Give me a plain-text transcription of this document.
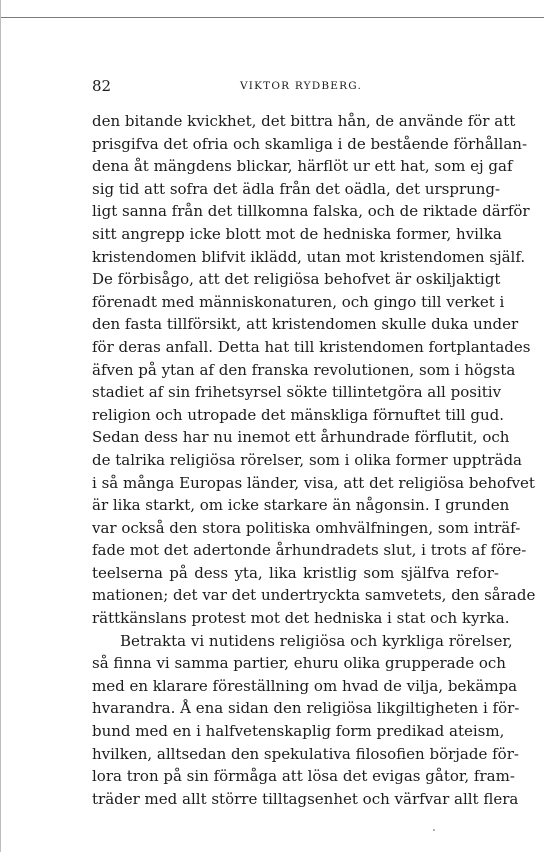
82	VIKTOR RYDBERG.
den bitande kvickhet, det bittra hån, de använde för att
prisgifva det ofria och skamliga i de bestående förhållan-
dena åt mängdens blickar, härflöt ur ett hat, som ej gaf
sig tid att sofra det ädla från det oädla, det ursprung-
ligt sanna från det tillkomna falska, och de riktade därför
sitt angrepp icke blott mot de hedniska former, hvilka
kristendomen blifvit iklädd, utan mot kristendomen själf.
De förbisågo, att det religiösa behofvet är oskiljaktigt
förenadt med människonaturen, och gingo till verket i
den fasta tillförsikt, att kristendomen skulle duka under
för deras anfall. Detta hat till kristendomen fortplantades
äfven på ytan af den franska revolutionen, som i högsta
stadiet af sin frihetsyrsel sökte tillintetgöra all positiv
religion och utropade det mänskliga förnuftet till gud.
Sedan dess har nu inemot ett århundrade förflutit, och
de talrika religiösa rörelser, som i olika former uppträda
i så många Europas länder, visa, att det religiösa behofvet
är lika starkt, om icke starkare än någonsin. I grunden
var också den stora politiska omhvälfningen, som inträf-
fade mot det adertonde århundradets slut, i trots af före-
teelserna på dess yta, lika kristlig som själfva refor-
mationen; det var det undertryckta samvetets, den sårade
rättkänslans protest mot det hedniska i stat och kyrka.
Betrakta vi nutidens religiösa och kyrkliga rörelser,
så finna vi samma partier, ehuru olika grupperade och
med en klarare föreställning om hvad de vilja, bekämpa
hvarandra. Å ena sidan den religiösa likgiltigheten i för-
bund med en i halfvetenskaplig form predikad ateism,
hvilken, alltsedan den spekulativa filosofien började för-
lora tron på sin förmåga att lösa det evigas gåtor, fram-
träder med allt större tilltagsenhet och värfvar allt flera
